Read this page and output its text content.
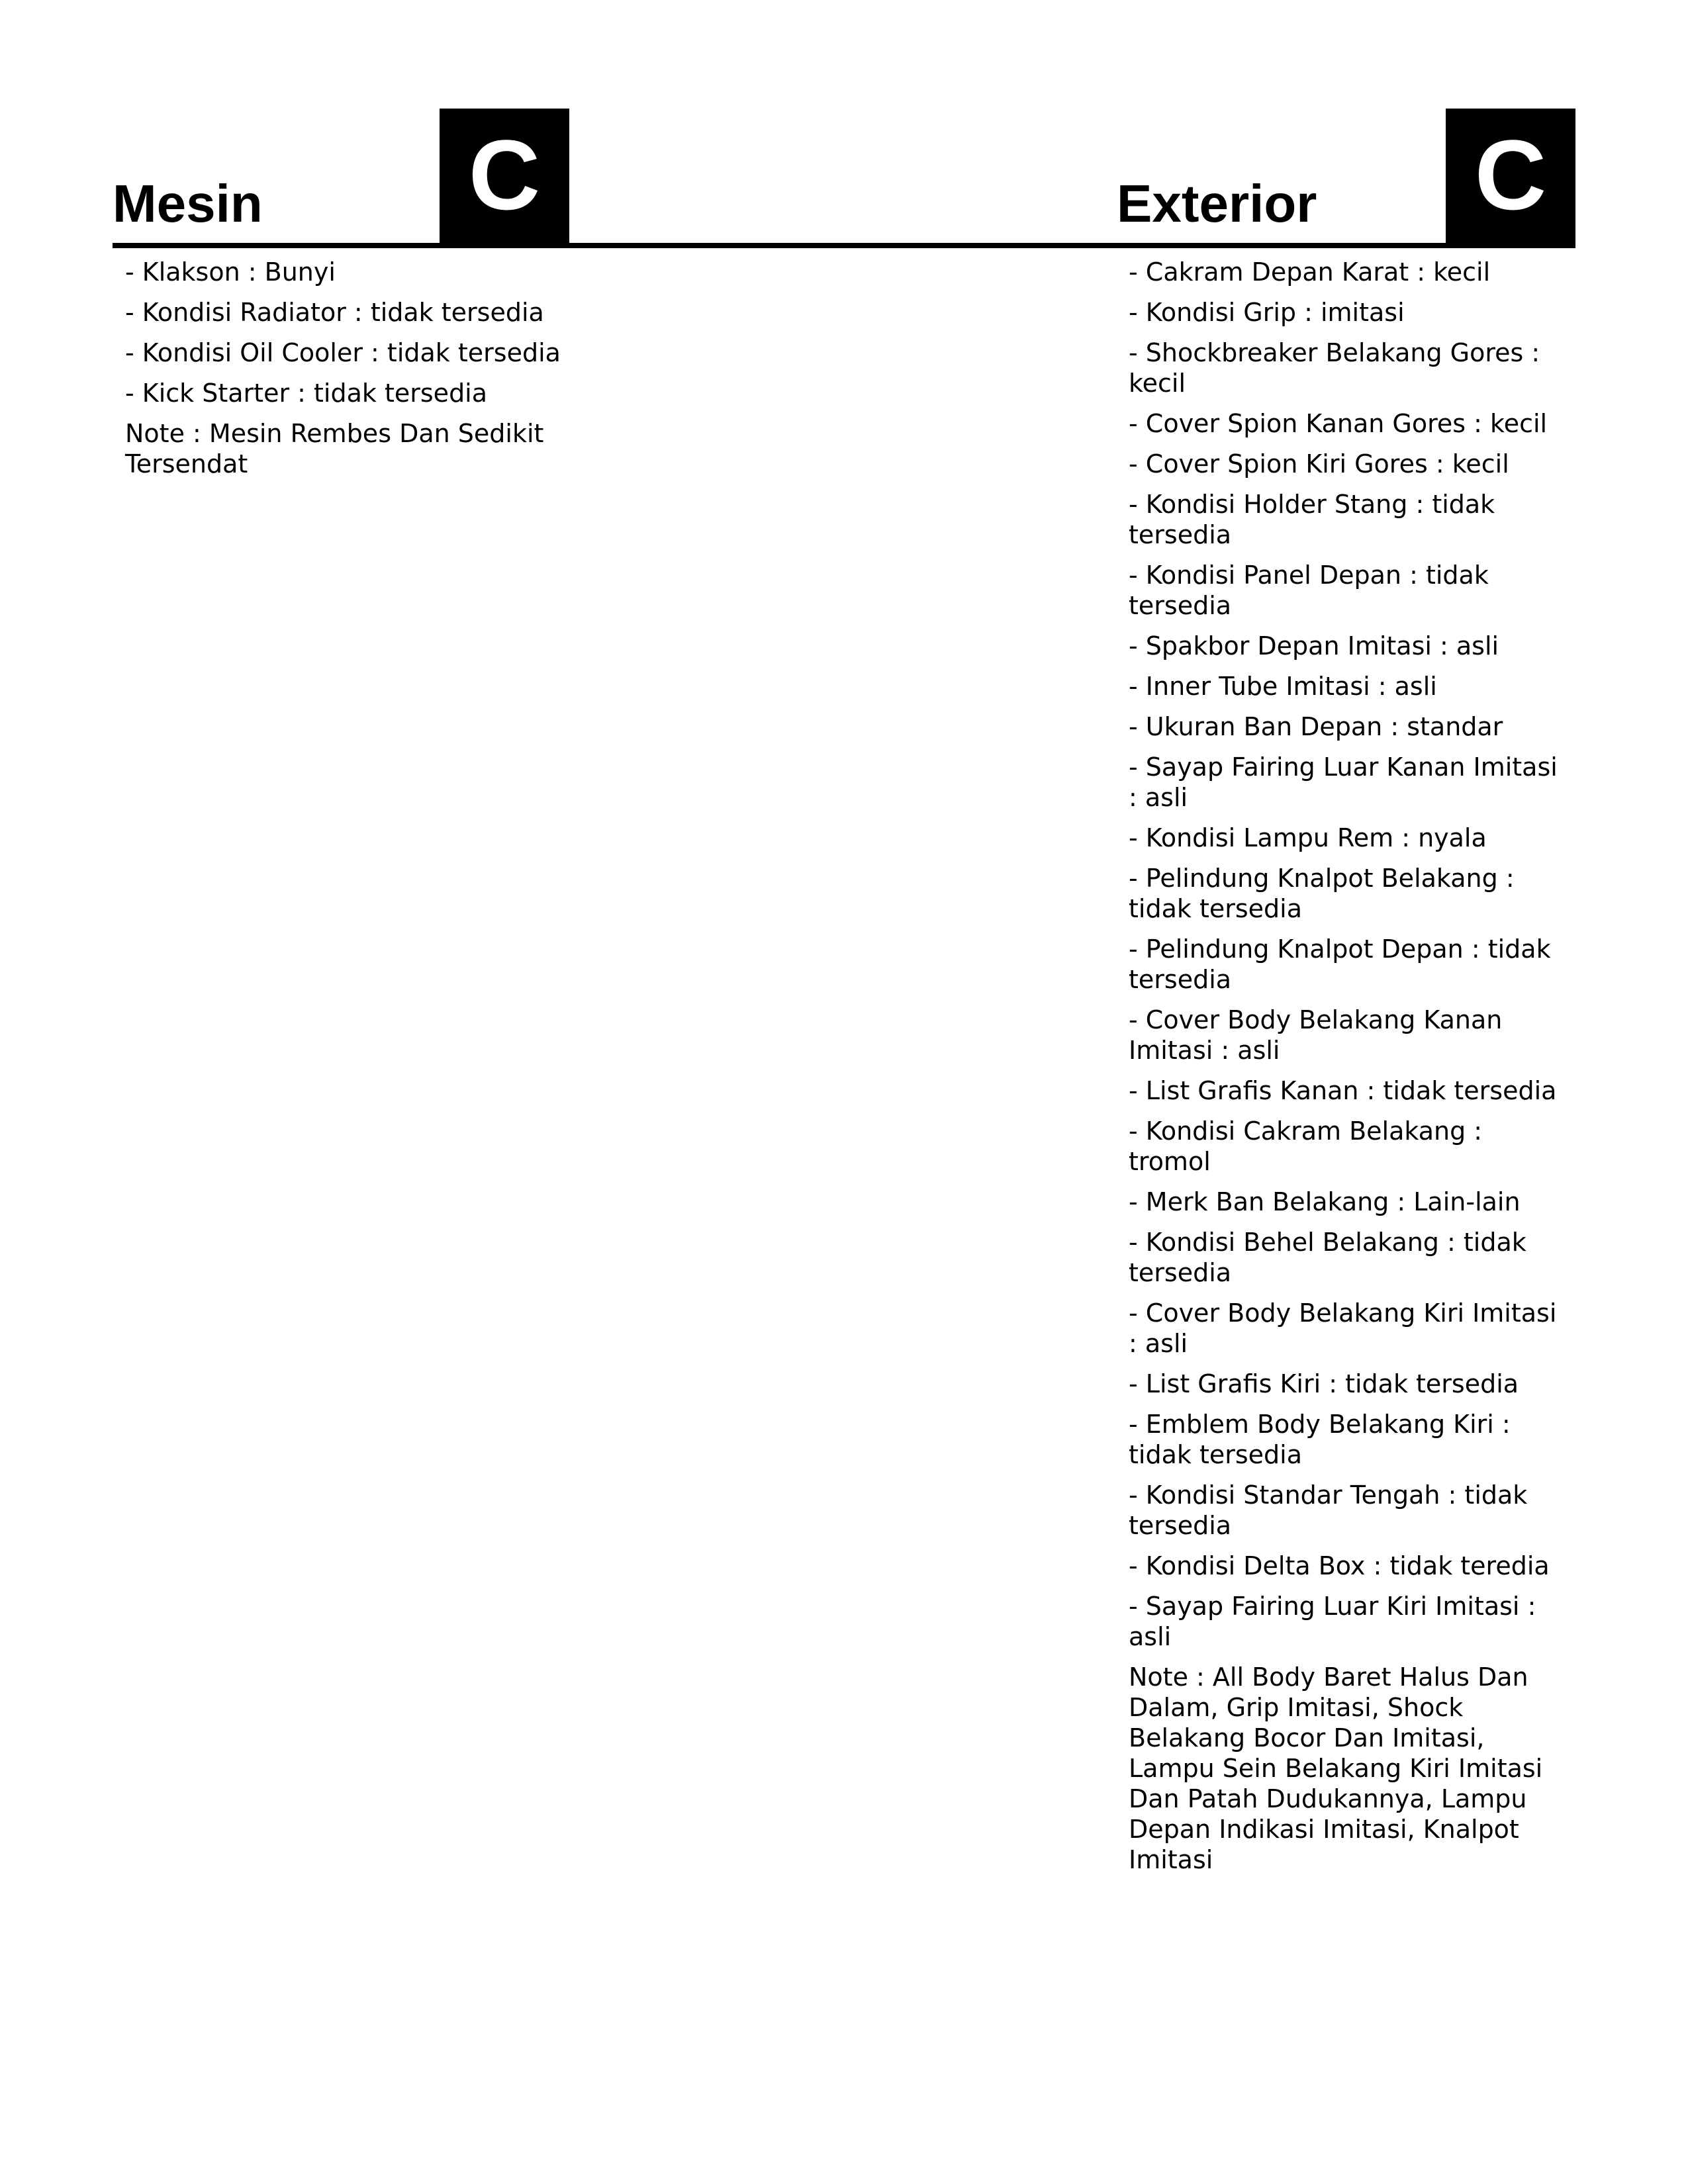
Mesin C	Exterior C
- Klakson : Bunyi
- Kondisi Radiator : tidak tersedia
- Kondisi Oil Cooler : tidak tersedia
- Kick Starter : tidak tersedia
Note : Mesin Rembes Dan Sedikit Tersendat
- Cakram Depan Karat : kecil
- Kondisi Grip : imitasi
- Shockbreaker Belakang Gores : kecil
- Cover Spion Kanan Gores : kecil
- Cover Spion Kiri Gores : kecil
- Kondisi Holder Stang : tidak tersedia
- Kondisi Panel Depan : tidak tersedia
- Spakbor Depan Imitasi : asli
- Inner Tube Imitasi : asli
- Ukuran Ban Depan : standar
- Sayap Fairing Luar Kanan Imitasi : asli
- Kondisi Lampu Rem : nyala
- Pelindung Knalpot Belakang : tidak tersedia
- Pelindung Knalpot Depan : tidak tersedia
- Cover Body Belakang Kanan Imitasi : asli
- List Grafis Kanan : tidak tersedia
- Kondisi Cakram Belakang : tromol
- Merk Ban Belakang : Lain-lain
- Kondisi Behel Belakang : tidak tersedia
- Cover Body Belakang Kiri Imitasi : asli
- List Grafis Kiri : tidak tersedia
- Emblem Body Belakang Kiri : tidak tersedia
- Kondisi Standar Tengah : tidak tersedia
- Kondisi Delta Box : tidak teredia
- Sayap Fairing Luar Kiri Imitasi : asli
Note : All Body Baret Halus Dan Dalam, Grip Imitasi, Shock Belakang Bocor Dan Imitasi, Lampu Sein Belakang Kiri Imitasi Dan Patah Dudukannya, Lampu Depan Indikasi Imitasi, Knalpot Imitasi
